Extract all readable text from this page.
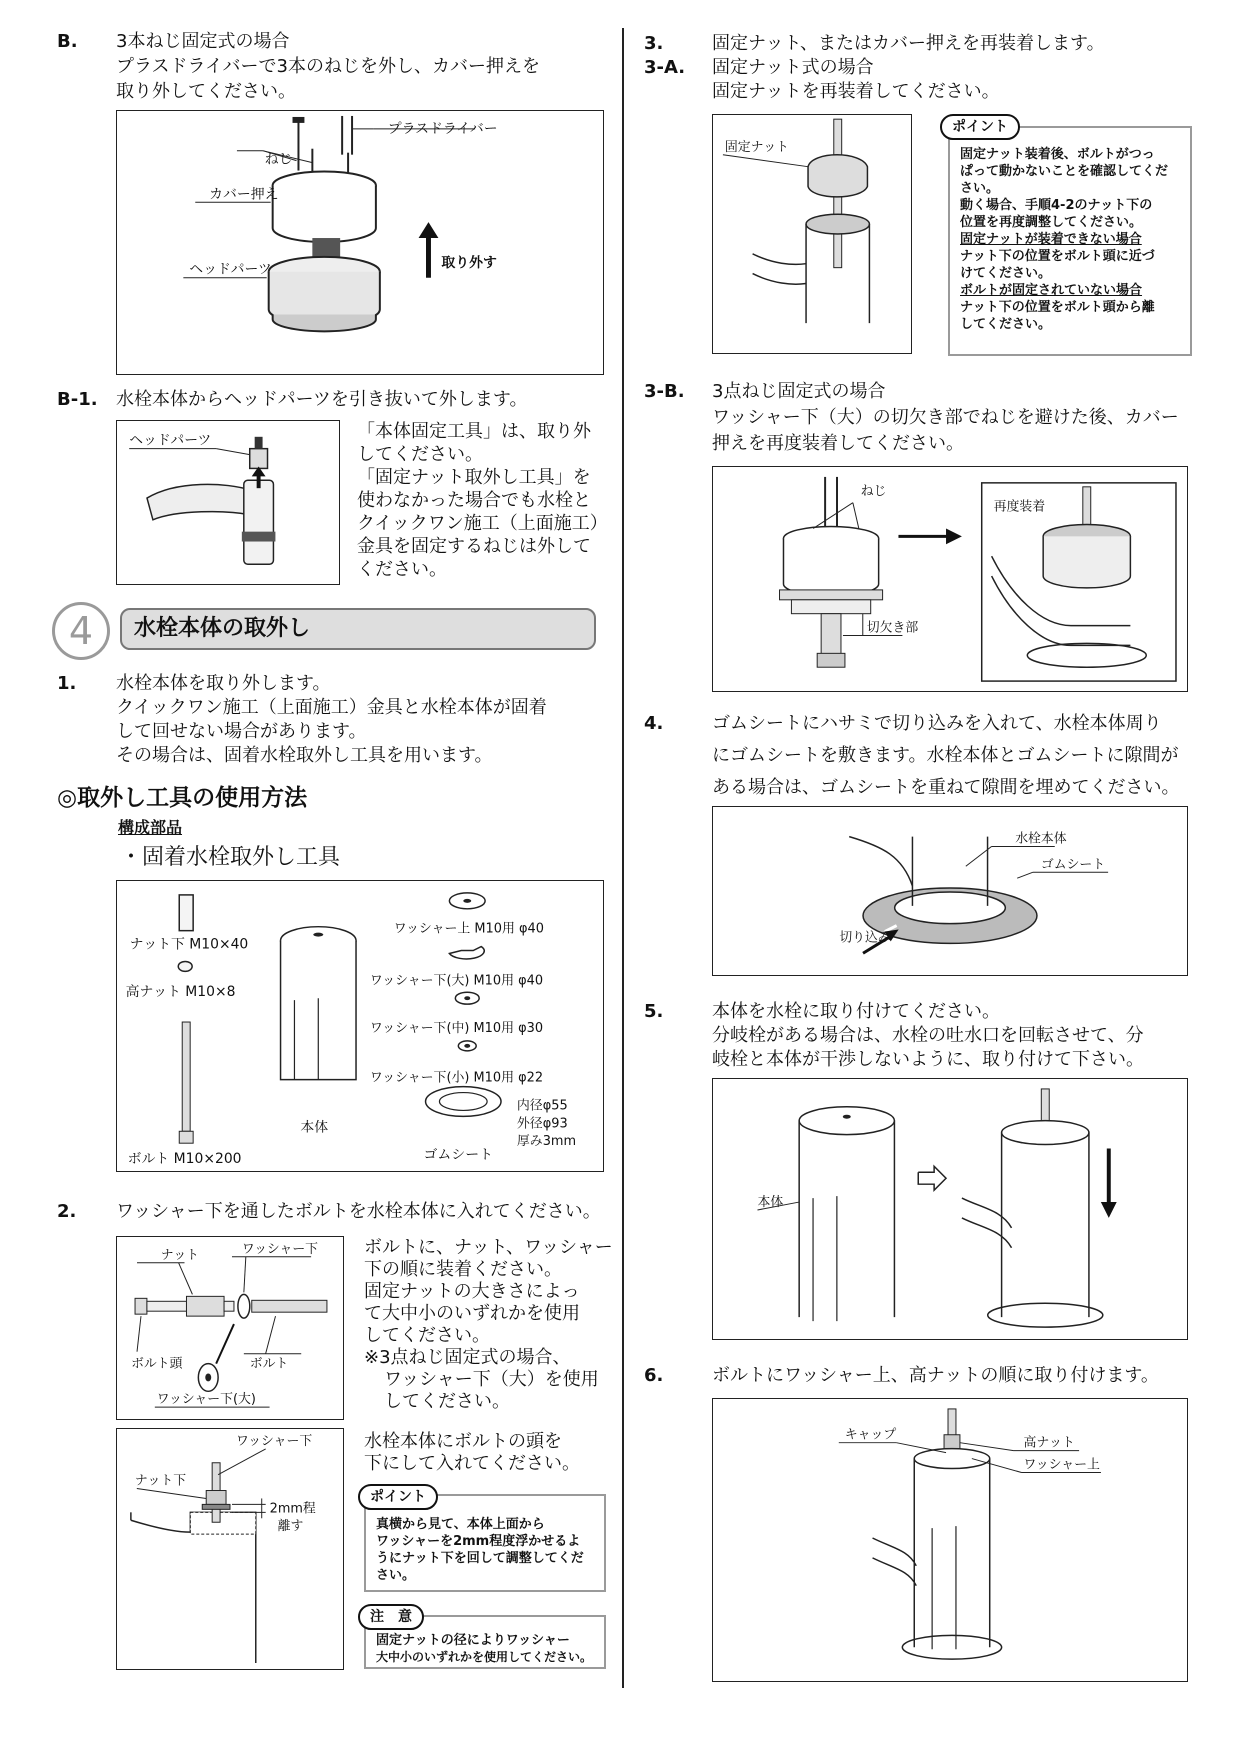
B. 3本ねじ固定式の場合
プラスドライバーで3本のねじを外し、カバー押えを
取り外してください。
ねじ
プラスドライバー
カバー押え
ヘッドパーツ	取り外す
B-1. 水栓本体からヘッドパーツを引き抜いて外します。
ヘッドパーツ	「本体固定工具」は、取り外
してください。
「固定ナット取外し工具」を
使わなかった場合でも水栓と
クイックワン施工（上面施工）
金具を固定するねじは外して
ください。
4	水栓本体の取外し
1. 水栓本体を取り外します。
クイックワン施工（上面施工）金具と水栓本体が固着
して回せない場合があります。
その場合は、固着水栓取外し工具を用います。
◎取外し工具の使用方法
構成部品
・固着水栓取外し工具
ナット下 M10×40
高ナット M10×8
ボルト M10×200
本体
ワッシャー上 M10用 φ40
ワッシャー下(大) M10用 φ40
ワッシャー下(中) M10用 φ30
ワッシャー下(小) M10用 φ22
ゴムシート
内径φ55
外径φ93
厚み3mm
2. ワッシャー下を通したボルトを水栓本体に入れてください。
ナット	ワッシャー下
ボルト頭	ボルト
ワッシャー下(大)
ボルトに、ナット、ワッシャー
下の順に装着ください。
固定ナットの大きさによっ
て大中小のいずれかを使用
してください。
※3点ねじ固定式の場合、
ワッシャー下（大）を使用
してください。
ワッシャー下
ナット下
2mm程
離す
水栓本体にボルトの頭を
下にして入れてください。
ポイント
真横から見て、本体上面から
ワッシャーを2mm程度浮かせるよ
うにナット下を回して調整してくだ
さい。
注　意
固定ナットの径によりワッシャー
大中小のいずれかを使用してください。
3.	固定ナット、またはカバー押えを再装着します。
3-A. 固定ナット式の場合
固定ナットを再装着してください。
固定ナット
ポイント
固定ナット装着後、ボルトがつっ
ぱって動かないことを確認してくだ
さい。
動く場合、手順4-2のナット下の
位置を再度調整してください。
固定ナットが装着できない場合
ナット下の位置をボルト頭に近づ
けてください。
ボルトが固定されていない場合
ナット下の位置をボルト頭から離
してください。
3-B. 3点ねじ固定式の場合
ワッシャー下（大）の切欠き部でねじを避けた後、カバー
押えを再度装着してください。
ねじ
切欠き部
再度装着
4.	ゴムシートにハサミで切り込みを入れて、水栓本体周り
にゴムシートを敷きます。水栓本体とゴムシートに隙間が
ある場合は、ゴムシートを重ねて隙間を埋めてください。
水栓本体
ゴムシート
切り込み
5.	本体を水栓に取り付けてください。
分岐栓がある場合は、水栓の吐水口を回転させて、分
岐栓と本体が干渉しないように、取り付けて下さい。
本体
6.	ボルトにワッシャー上、高ナットの順に取り付けます。
キャップ
高ナット
ワッシャー上
